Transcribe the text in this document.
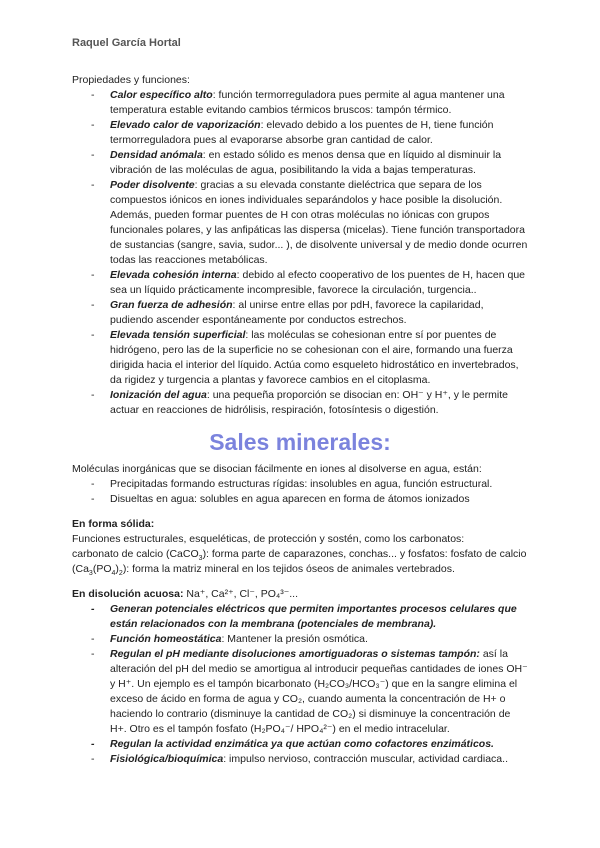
Raquel García Hortal

Propiedades y funciones:

- Calor específico alto: función termorreguladora pues permite al agua mantener una temperatura estable evitando cambios térmicos bruscos: tampón térmico.
- Elevado calor de vaporización: elevado debido a los puentes de H, tiene función termorreguladora pues al evaporarse absorbe gran cantidad de calor.
- Densidad anómala: en estado sólido es menos densa que en líquido al disminuir la vibración de las moléculas de agua, posibilitando la vida a bajas temperaturas.
- Poder disolvente: gracias a su elevada constante dieléctrica que separa de los compuestos iónicos en iones individuales separándolos y hace posible la disolución. Además, pueden formar puentes de H con otras moléculas no iónicas con grupos funcionales polares, y las anfipáticas las dispersa (micelas). Tiene función transportadora de sustancias (sangre, savia, sudor... ), de disolvente universal y de medio donde ocurren todas las reacciones metabólicas.
- Elevada cohesión interna: debido al efecto cooperativo de los puentes de H, hacen que sea un líquido prácticamente incompresible, favorece la circulación, turgencia..
- Gran fuerza de adhesión: al unirse entre ellas por pdH, favorece la capilaridad, pudiendo ascender espontáneamente por conductos estrechos.
- Elevada tensión superficial: las moléculas se cohesionan entre sí por puentes de hidrógeno, pero las de la superficie no se cohesionan con el aire, formando una fuerza dirigida hacia el interior del líquido. Actúa como esqueleto hidrostático en invertebrados, da rigidez y turgencia a plantas y favorece cambios en el citoplasma.
- Ionización del agua: una pequeña proporción se disocian en: OH⁻ y H⁺, y le permite actuar en reacciones de hidrólisis, respiración, fotosíntesis o digestión.
Sales minerales:

Moléculas inorgánicas que se disocian fácilmente en iones al disolverse en agua, están:

- Precipitadas formando estructuras rígidas: insolubles en agua, función estructural.
- Disueltas en agua: solubles en agua aparecen en forma de átomos ionizados

En forma sólida:

Funciones estructurales, esqueléticas, de protección y sostén, como los carbonatos:
carbonato de calcio (CaCO$_3$): forma parte de caparazones, conchas... y fosfatos: fosfato de calcio $(Ca_3(PO_4)_2)$: forma la matriz mineral en los tejidos óseos de animales vertebrados.

En disolución acuosa: Na⁺, Ca²⁺, Cl⁻, PO₄³⁻...

- Generan potenciales eléctricos que permiten importantes procesos celulares que están relacionados con la membrana (potenciales de membrana).
- Función homeostática: Mantener la presión osmótica.
- Regulan el pH mediante disoluciones amortiguadoras o sistemas tampón: así la alteración del pH del medio se amortigua al introducir pequeñas cantidades de iones OH⁻ y H⁺. Un ejemplo es el tampón bicarbonato (H₂CO₃/HCO₃⁻) que en la sangre elimina el exceso de ácido en forma de agua y CO₂, cuando aumenta la concentración de H+ o haciendo lo contrario (disminuye la cantidad de CO₂) si disminuye la concentración de H+. Otro es el tampón fosfato (H₂PO₄⁻/ HPO₄²⁻) en el medio intracelular.
- Regulan la actividad enzimática ya que actúan como cofactores enzimáticos.
- Fisiológica/bioquímica: impulso nervioso, contracción muscular, actividad cardiaca..
